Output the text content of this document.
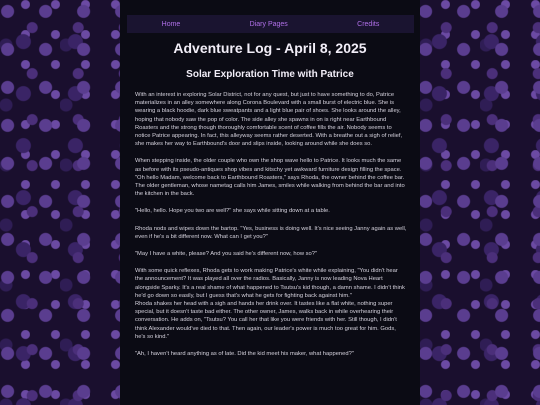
Home	Diary Pages	Credits
Adventure Log - April 8, 2025
Solar Exploration Time with Patrice

With an interest in exploring Solar District, not for any quest, but just to have something to do, Patrice materializes in an alley somewhere along Corona Boulevard with a small burst of electric blue. She is wearing a black hoodie, dark blue sweatpants and a light blue pair of shoes. She looks around the alley, hoping that nobody saw the pop of color. The side alley she spawns in on is right near Earthbound Roasters and the strong though thoroughly comfortable scent of coffee fills the air. Nobody seems to notice Patrice appearing. In fact, this alleyway seems rather deserted. With a breathe out a sigh of relief, she makes her way to Earthbound's door and slips inside, looking around while she does so.

When stepping inside, the older couple who own the shop wave hello to Patrice. It looks much the same as before with its pseudo-antiques shop vibes and kitschy yet awkward furniture design filling the space. "Oh hello Madam, welcome back to Earthbound Roasters," says Rhoda, the owner behind the coffee bar. The older gentleman, whose nametag calls him James, smiles while walking from behind the bar and into the kitchen in the back.

"Hello, hello. Hope you two are well?" she says while sitting down at a table.

Rhoda nods and wipes down the bartop. "Yes, business is doing well. It's nice seeing Janny again as well, even if he's a bit different now. What can I get you?"

"May I have a white, please? And you said he's different now, how so?"

With some quick reflexes, Rhoda gets to work making Patrice's white while explaining, "You didn't hear the announcement? It was played all over the radios. Basically, Janny is now leading Nova Heart alongside Sparky. It's a real shame of what happened to Tsutsu's kid though, a damn shame. I didn't think he'd go down so easily, but I guess that's what he gets for fighting back against him."

Rhoda shakes her head with a sigh and hands her drink over. It tastes like a flat white, nothing super special, but it doesn't taste bad either. The other owner, James, walks back in while overhearing their conversation. He adds on, "Tsutsu? You call her that like you were friends with her. Still though, I didn't think Alexander would've died to that. Then again, our leader's power is much too great for him. Gods, he's so kind."

"Ah, I haven't heard anything as of late. Did the kid meet his maker, what happened?"
